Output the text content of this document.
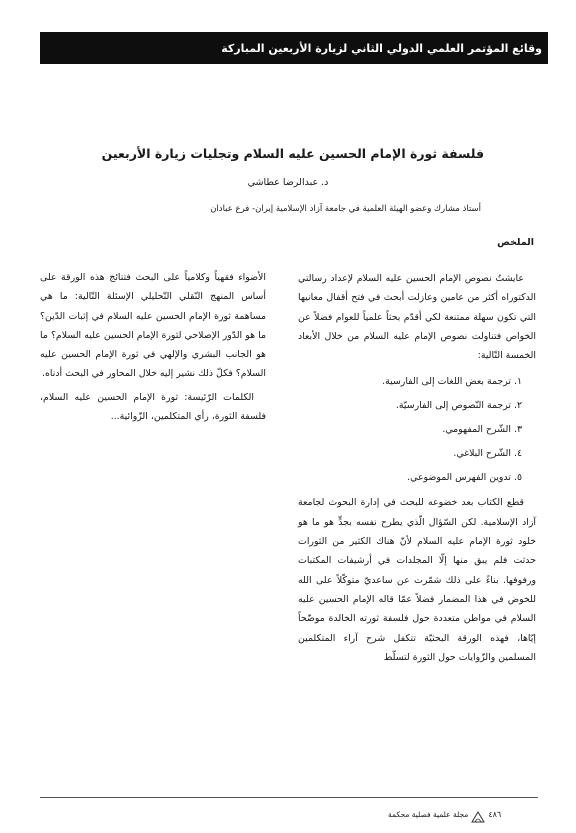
وقائع المؤتمر العلمي الدولي الثاني لزيارة الأربعين المباركة
فلسفة ثورة الإمام الحسين عليه السلام وتجليات زيارة الأربعين
د. عبدالرضا عطاشي
أستاذ مشارك وعضو الهيئة العلمية في جامعة آزاد الإسلامية إيران- فرع عبادان
الملخص

عايشتُ نصوص الإمام الحسين عليه السلام لإعداد رسالتي الدكتوراه أكثر من عامين وعازلت أبحث في فتح أقفال معانيها التي تكون سهلة ممتنعة لكي أقدّم بحثاً علمياً للعوام فضلاً عن الخواص فتناولت نصوص الإمام عليه السلام من خلال الأبعاد الخمسة التّالية:

١. ترجمة بعض اللغات إلى الفارسية.
٢. ترجمة النّصوص إلى الفارسيّة.
٣. الشّرح المفهومي.
٤. الشّرح البلاغي.
٥. تدوين الفهرس الموضوعي.

قطع الكتاب بعد خضوعه للبحث في إدارة البحوث لجامعة آزاد الإسلامية. لكن السّؤال الّذي يطرح نفسه بجدٍّ هو ما هو خلود ثورة الإمام عليه السلام لأنّ هناك الكثير من الثورات حدثت فلم يبق منها إلّا المجلدات في أرشيفات المكتبات ورفوفها. بناءً على ذلك شمّرت عن ساعديّ متوكّلاً على الله للخوض في هذا المضمار فضلاً عمّا قاله الإمام الحسين عليه السلام في مواطن متعددة حول فلسفة ثورته الخالدة موضّحاً إيّاها، فهذه الورقة البحثيّة تتكفل شرح آراء المتكلمين المسلمين والزّوايات حول الثورة لتسلّط

الأضواء فقهياً وكلامياً على البحث فتتائج هذه الورقة على أساس المنهج النّقلي التّحليلي الإسئلة التّالية: ما هي مساهمة ثورة الإمام الحسين عليه السلام في إثبات الدّين؟ ما هو الدّور الإصلاحي لثورة الإمام الحسين عليه السلام؟ ما هو الجانب البشري والإلهي في ثورة الإمام الحسين عليه السلام؟ فكلّ ذلك نشير إليه خلال المحاور في البحث أدناه.

الكلمات الرّئيسة: ثورة الإمام الحسين عليه السلام، فلسفة الثورة، رأي المتكلمين، الزّوائية...

مجلة علمية فصلية محكمة	٤٨٦
